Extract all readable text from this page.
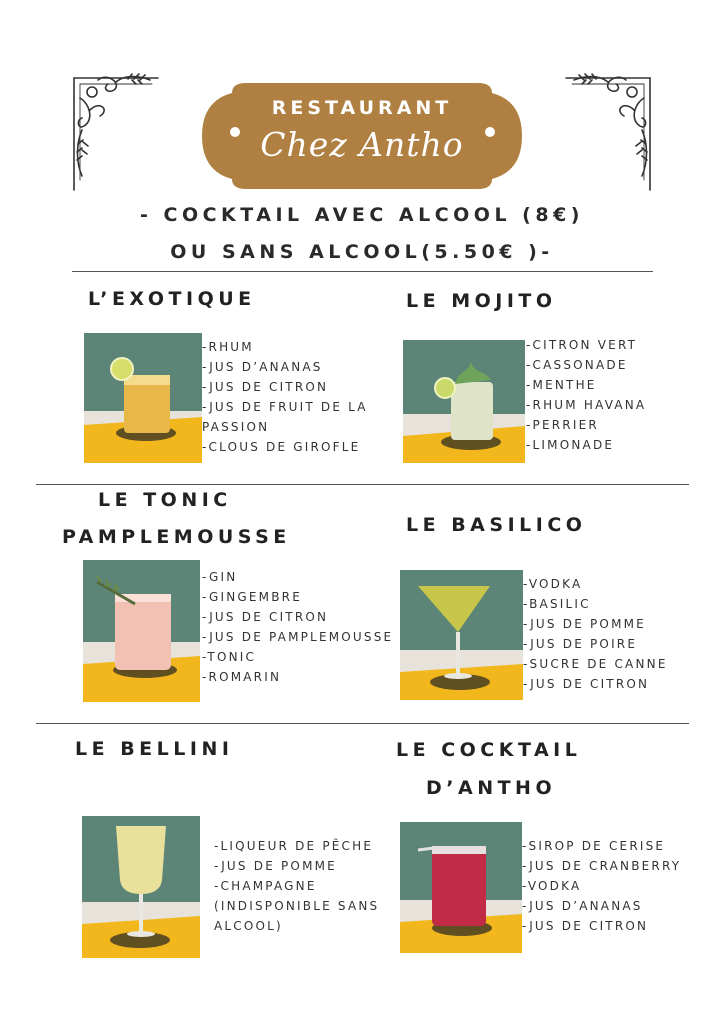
RESTAURANT
Chez Antho
- COCKTAIL AVEC ALCOOL (8€)
OU SANS ALCOOL(5.50€ )-
L’EXOTIQUE
-RHUM
-JUS D’ANANAS
-JUS DE CITRON
-JUS DE FRUIT DE LA
PASSION
-CLOUS DE GIROFLE
LE MOJITO
-CITRON VERT
-CASSONADE
-MENTHE
-RHUM HAVANA
-PERRIER
-LIMONADE
LE TONIC
PAMPLEMOUSSE
-GIN
-GINGEMBRE
-JUS DE CITRON
-JUS DE PAMPLEMOUSSE
-TONIC
-ROMARIN
LE BASILICO
-VODKA
-BASILIC
-JUS DE POMME
-JUS DE POIRE
-SUCRE DE CANNE
-JUS DE CITRON
LE BELLINI
-LIQUEUR DE PÊCHE
-JUS DE POMME
-CHAMPAGNE
(INDISPONIBLE SANS
ALCOOL)
LE COCKTAIL
D’ANTHO
-SIROP DE CERISE
-JUS DE CRANBERRY
-VODKA
-JUS D’ANANAS
-JUS DE CITRON
